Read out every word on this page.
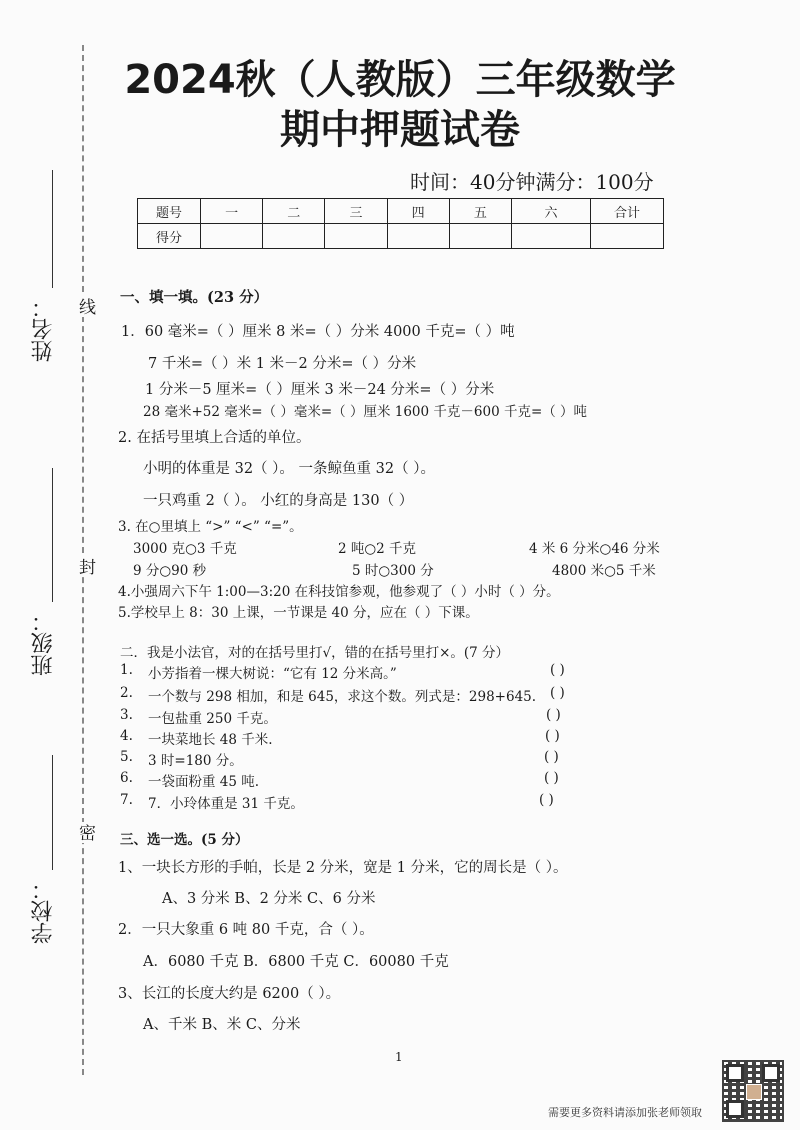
线
封
密
姓名：
班级：
学校：
2024秋（人教版）三年级数学
期中押题试卷
时间：40分钟满分：100分
题号	一	二	三	四	五	六	合计
得分							
一、填一填。(23 分）
1．60 毫米=（ ）厘米 8 米=（ ）分米 4000 千克=（ ）吨
7 千米=（ ）米 1 米－2 分米=（ ）分米
1 分米－5 厘米=（ ）厘米 3 米－24 分米=（ ）分米
28 毫米+52 毫米=（ ）毫米=（ ）厘米 1600 千克－600 千克=（ ）吨
2. 在括号里填上合适的单位。
小明的体重是 32（ ）。 一条鲸鱼重 32（ ）。
一只鸡重 2（ ）。 小红的身高是 130（ ）
3. 在○里填上 “>” “<” “=”。
3000 克○3 千克	2 吨○2 千克	4 米 6 分米○46 分米
9 分○90 秒	5 时○300 分	4800 米○5 千米
4.小强周六下午 1:00—3:20 在科技馆参观，他参观了（ ）小时（ ）分。
5.学校早上 8：30 上课，一节课是 40 分，应在（ ）下课。
二．我是小法官，对的在括号里打√，错的在括号里打×。(7 分）
1. 小芳指着一棵大树说：“它有 12 分米高。”	( )
2. 一个数与 298 相加，和是 645，求这个数。列式是：298+645. ( )
3. 一包盐重 250 千克。	( )
4. 一块菜地长 48 千米.	( )
5. 3 时=180 分。	( )
6. 一袋面粉重 45 吨.	( )
7. 7．小玲体重是 31 千克。	( )
三、选一选。(5 分）
1、一块长方形的手帕，长是 2 分米，宽是 1 分米，它的周长是（ ）。
A、3 分米 B、2 分米 C、6 分米
2．一只大象重 6 吨 80 千克，合（ ）。
A．6080 千克 B．6800 千克 C．60080 千克
3、长江的长度大约是 6200（ ）。
A、千米 B、米 C、分米
1
需要更多资料请添加张老师领取
